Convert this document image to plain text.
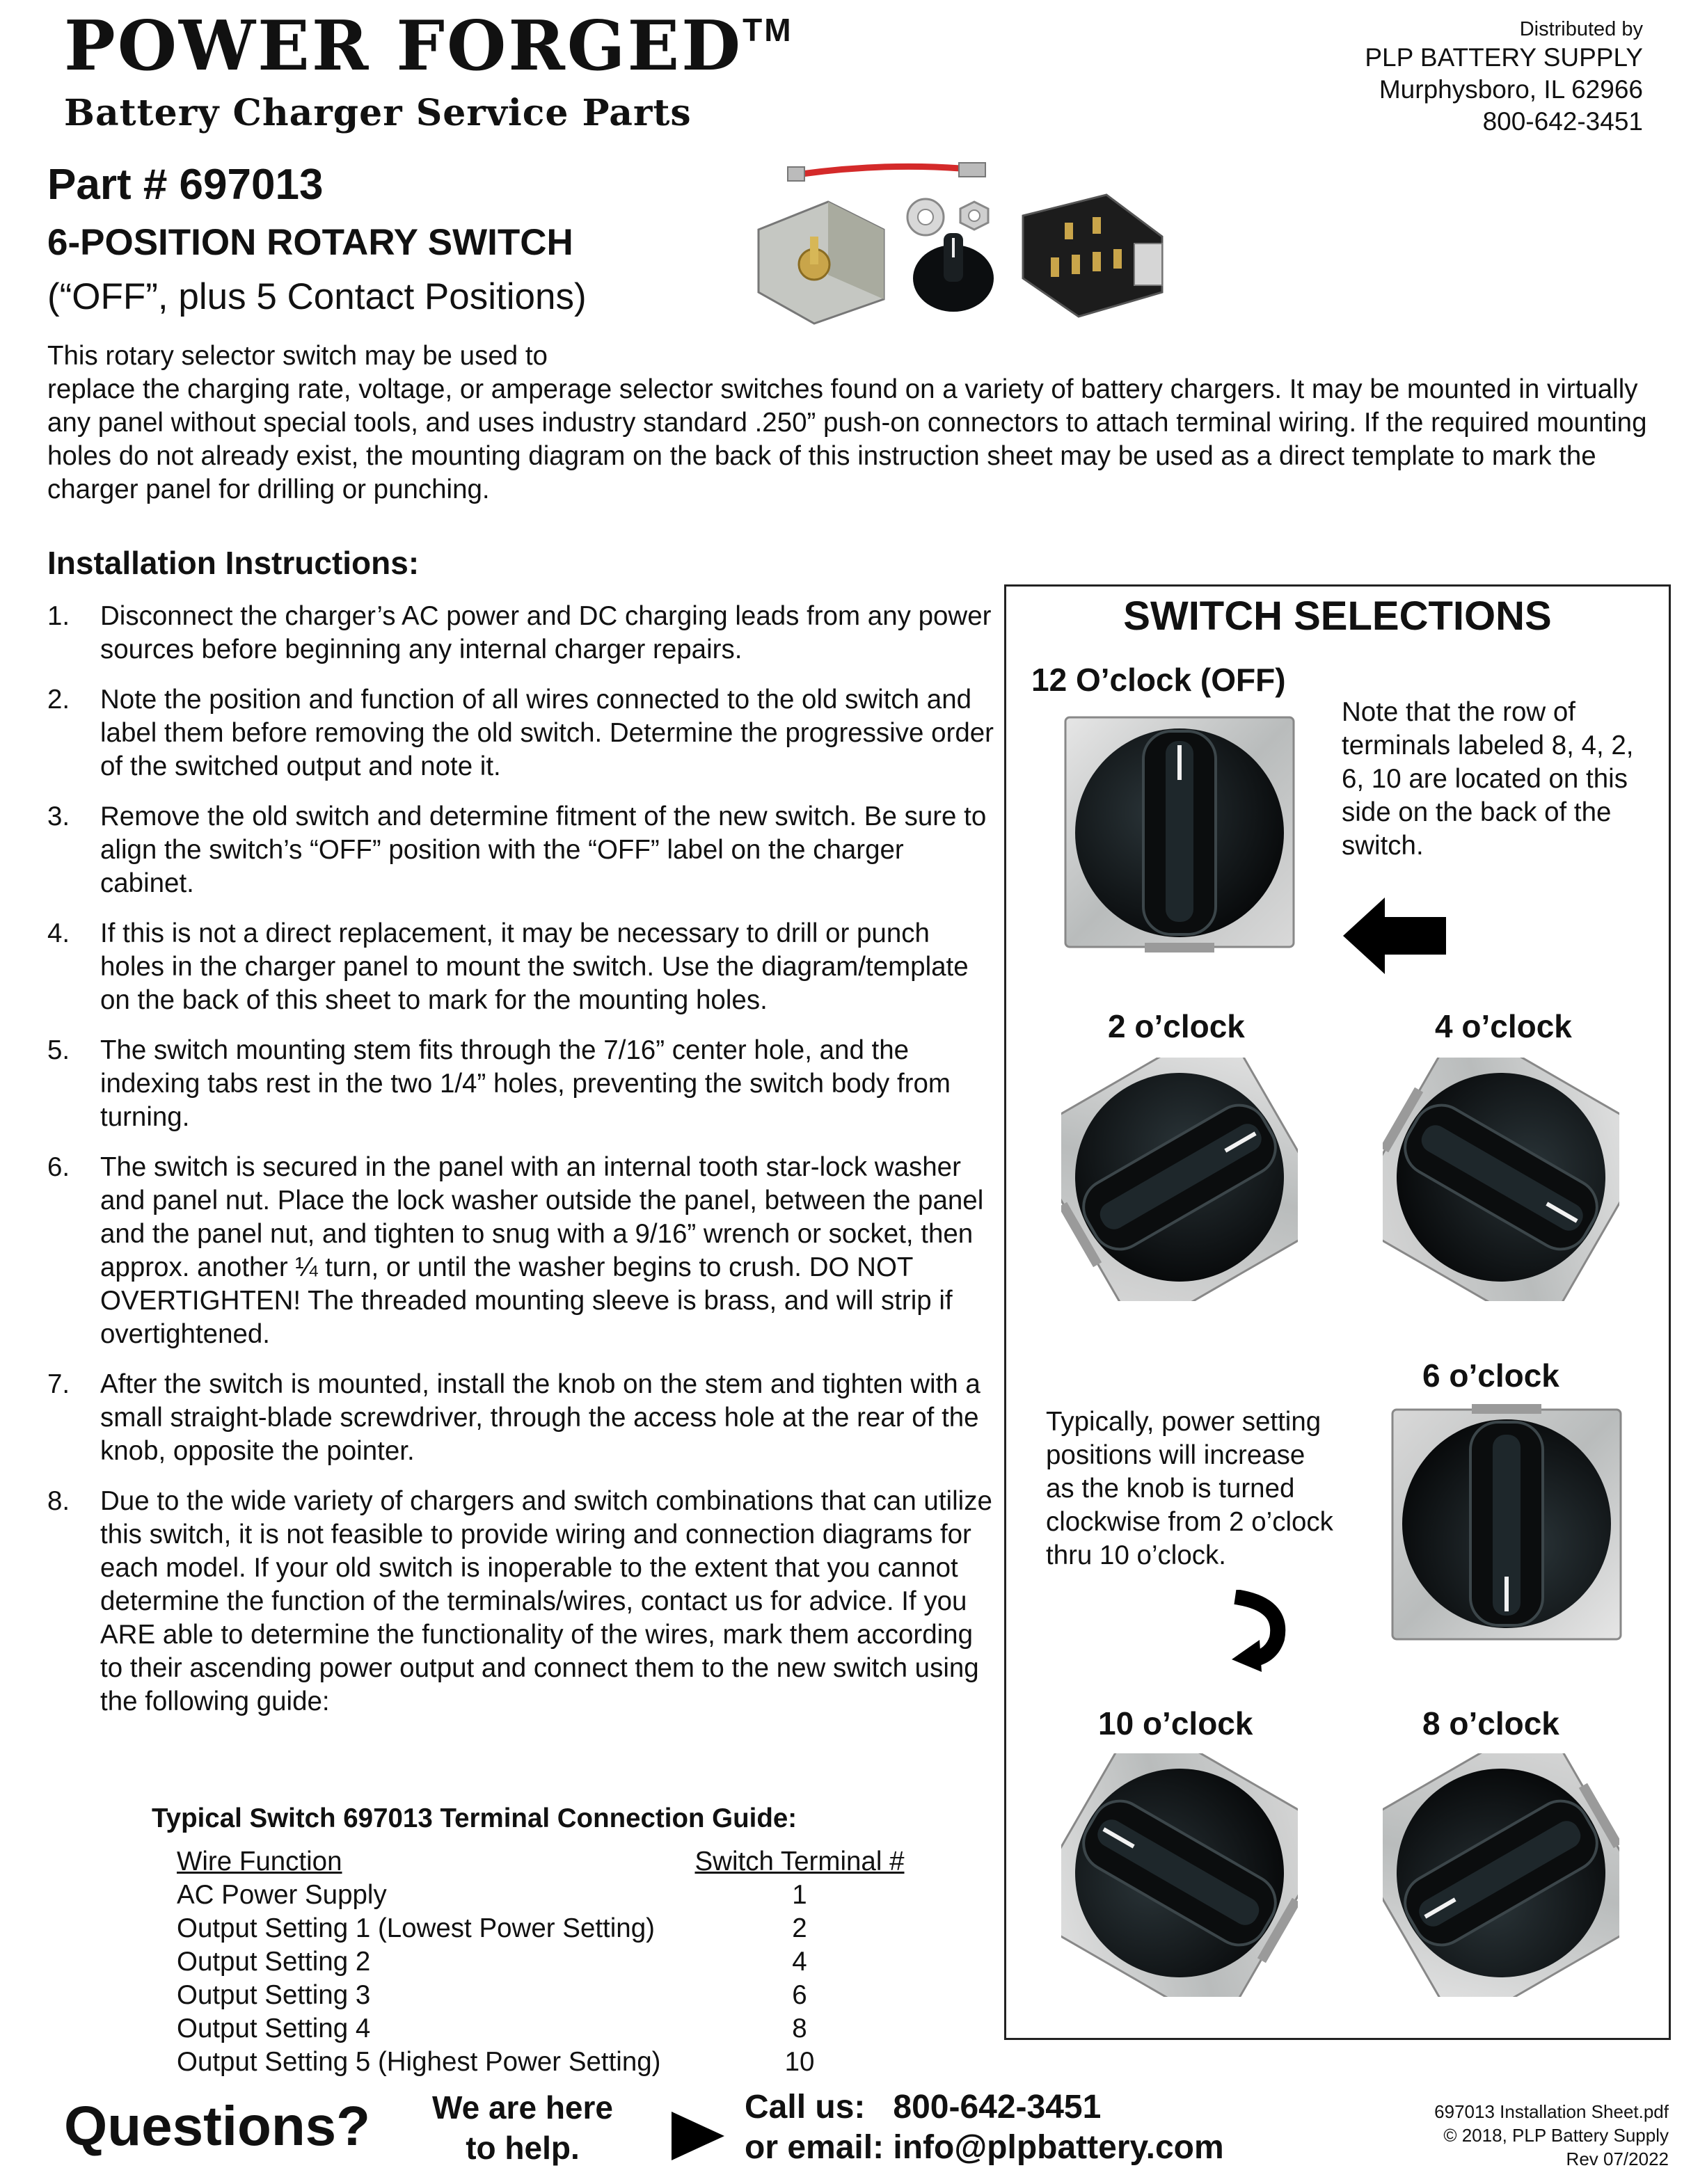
POWER FORGED™
Battery Charger Service Parts
Distributed by
PLP BATTERY SUPPLY
Murphysboro, IL 62966
800-642-3451
Part # 697013
6-POSITION ROTARY SWITCH
(“OFF”, plus 5 Contact Positions)
This rotary selector switch may be used to
replace the charging rate, voltage, or amperage selector switches found on a variety of battery chargers. It may be mounted in virtually any panel without special tools, and uses industry standard .250” push-on connectors to attach terminal wiring. If the required mounting holes do not already exist, the mounting diagram on the back of this instruction sheet may be used as a direct template to mark the charger panel for drilling or punching.
Installation Instructions:
1. Disconnect the charger’s AC power and DC charging leads from any power sources before beginning any internal charger repairs.
2. Note the position and function of all wires connected to the old switch and label them before removing the old switch. Determine the progressive order of the switched output and note it.
3. Remove the old switch and determine fitment of the new switch. Be sure to align the switch’s “OFF” position with the “OFF” label on the charger cabinet.
4. If this is not a direct replacement, it may be necessary to drill or punch holes in the charger panel to mount the switch. Use the diagram/template on the back of this sheet to mark for the mounting holes.
5. The switch mounting stem fits through the 7/16” center hole, and the indexing tabs rest in the two 1/4” holes, preventing the switch body from turning.
6. The switch is secured in the panel with an internal tooth star-lock washer and panel nut. Place the lock washer outside the panel, between the panel and the panel nut, and tighten to snug with a 9/16” wrench or socket, then approx. another ¼ turn, or until the washer begins to crush. DO NOT OVERTIGHTEN! The threaded mounting sleeve is brass, and will strip if overtightened.
7. After the switch is mounted, install the knob on the stem and tighten with a small straight-blade screwdriver, through the access hole at the rear of the knob, opposite the pointer.
8. Due to the wide variety of chargers and switch combinations that can utilize this switch, it is not feasible to provide wiring and connection diagrams for each model. If your old switch is inoperable to the extent that you cannot determine the function of the terminals/wires, contact us for advice. If you ARE able to determine the functionality of the wires, mark them according to their ascending power output and connect them to the new switch using the following guide:
Typical Switch 697013 Terminal Connection Guide:
Wire Function	Switch Terminal #
AC Power Supply	1
Output Setting 1 (Lowest Power Setting)	2
Output Setting 2	4
Output Setting 3	6
Output Setting 4	8
Output Setting 5 (Highest Power Setting)	10
SWITCH SELECTIONS
12 O’clock (OFF)
Note that the row of terminals labeled 8, 4, 2, 6, 10 are located on this side on the back of the switch.
2 o’clock	4 o’clock
6 o’clock
Typically, power setting positions will increase as the knob is turned clockwise from 2 o’clock thru 10 o’clock.
10 o’clock	8 o’clock
Questions?	We are here
to help.
Call us: 800-642-3451
or email: info@plpbattery.com
697013 Installation Sheet.pdf
© 2018, PLP Battery Supply
Rev 07/2022
